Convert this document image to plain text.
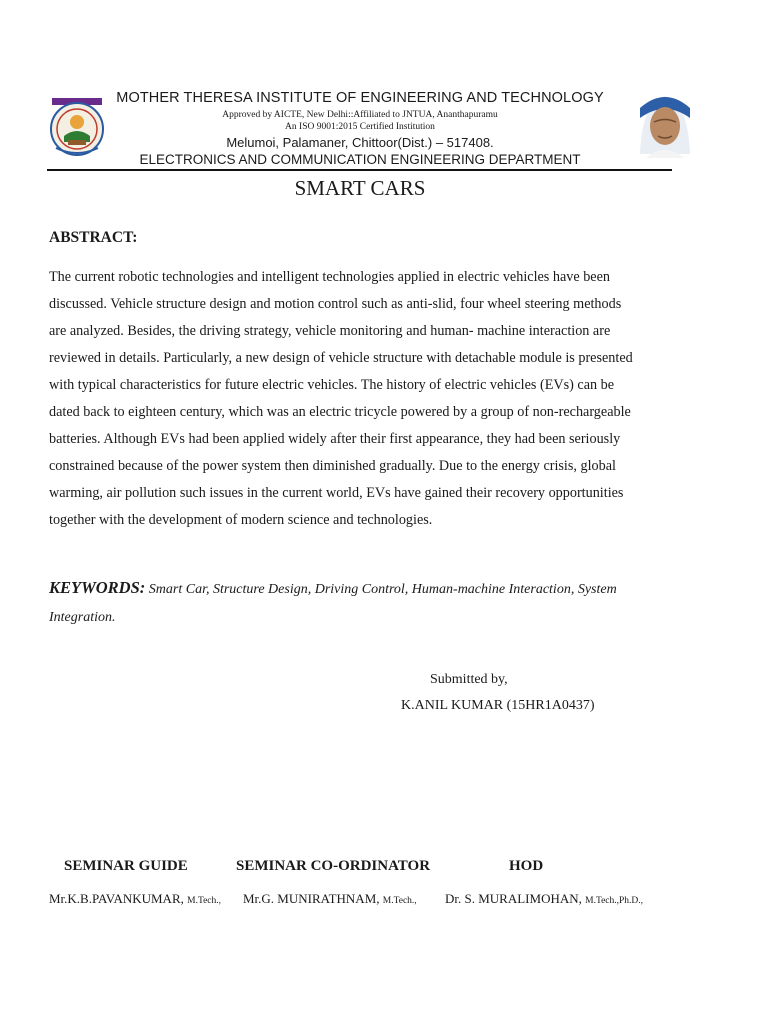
MOTHER THERESA INSTITUTE OF ENGINEERING AND TECHNOLOGY
Approved by AICTE, New Delhi::Affiliated to JNTUA, Ananthapuramu
An ISO 9001:2015 Certified Institution
Melumoi, Palamaner, Chittoor(Dist.) – 517408.
ELECTRONICS AND COMMUNICATION ENGINEERING DEPARTMENT
SMART CARS
ABSTRACT:
The current robotic technologies and intelligent technologies applied in electric vehicles have been
discussed. Vehicle structure design and motion control such as anti-slid, four wheel steering methods
are analyzed. Besides, the driving strategy, vehicle monitoring and human- machine interaction are
reviewed in details. Particularly, a new design of vehicle structure with detachable module is presented
with typical characteristics for future electric vehicles. The history of electric vehicles (EVs) can be
dated back to eighteen century, which was an electric tricycle powered by a group of non-rechargeable
batteries. Although EVs had been applied widely after their first appearance, they had been seriously
constrained because of the power system then diminished gradually. Due to the energy crisis, global
warming, air pollution such issues in the current world, EVs have gained their recovery opportunities
together with the development of modern science and technologies.
KEYWORDS: Smart Car, Structure Design, Driving Control, Human-machine Interaction, System Integration.
Submitted by,
K.ANIL KUMAR (15HR1A0437)
SEMINAR GUIDE	SEMINAR CO-ORDINATOR	HOD
Mr.K.B.PAVANKUMAR, M.Tech., Mr.G. MUNIRATHNAM, M.Tech., Dr. S. MURALIMOHAN, M.Tech.,Ph.D.,
